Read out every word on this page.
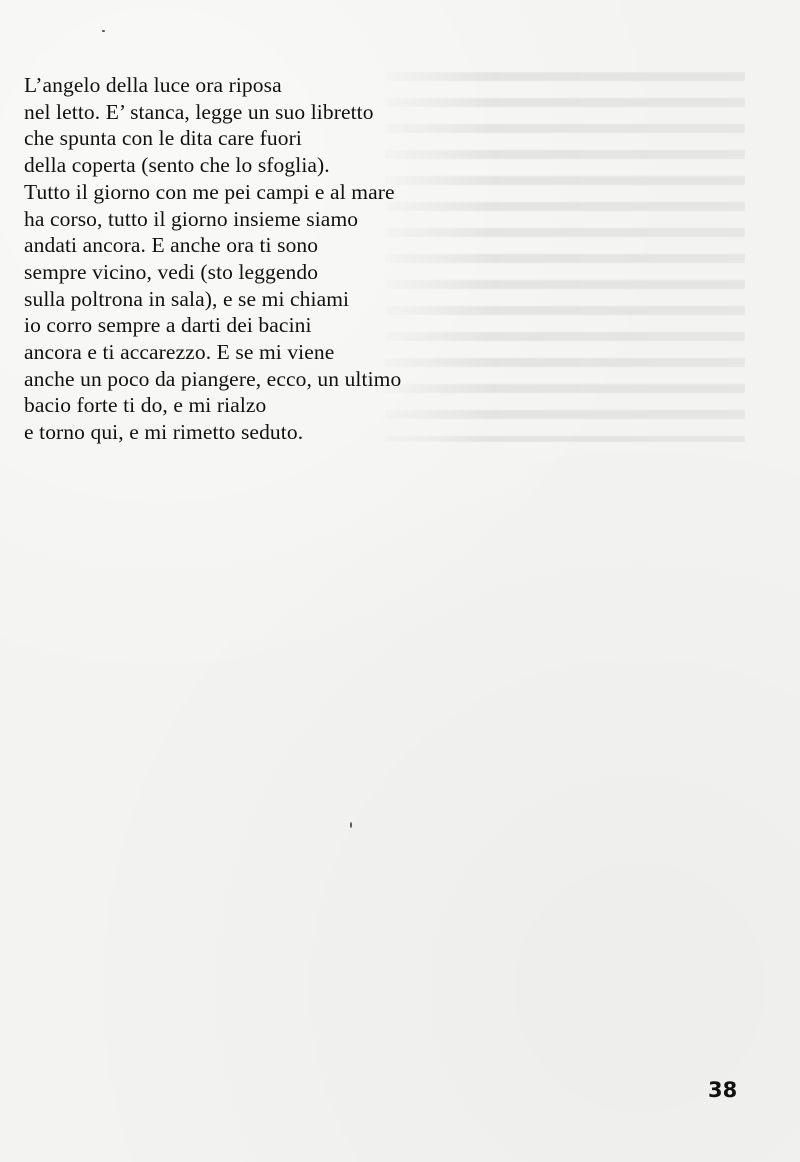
L’angelo della luce ora riposa
nel letto. E’ stanca, legge un suo libretto
che spunta con le dita care fuori
della coperta (sento che lo sfoglia).
Tutto il giorno con me pei campi e al mare
ha corso, tutto il giorno insieme siamo
andati ancora. E anche ora ti sono
sempre vicino, vedi (sto leggendo
sulla poltrona in sala), e se mi chiami
io corro sempre a darti dei bacini
ancora e ti accarezzo. E se mi viene
anche un poco da piangere, ecco, un ultimo
bacio forte ti do, e mi rialzo
e torno qui, e mi rimetto seduto.
38
